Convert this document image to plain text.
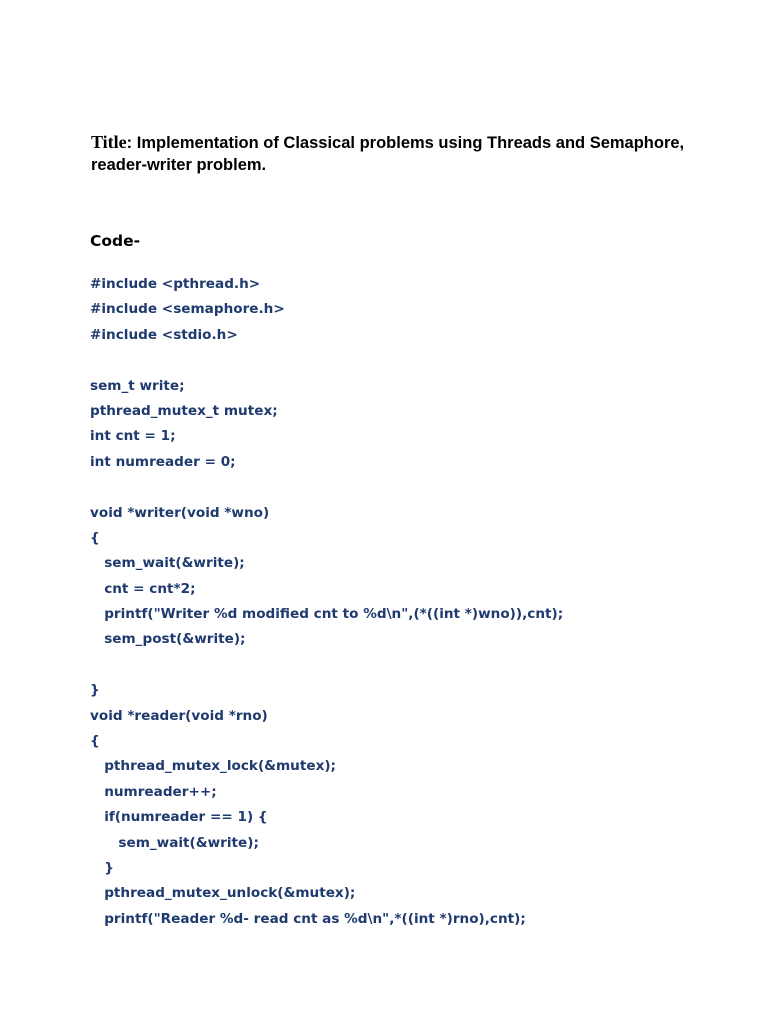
Title: Implementation of Classical problems using Threads and Semaphore, reader-writer problem.
Code-
#include <pthread.h>
#include <semaphore.h>
#include <stdio.h>
sem_t write;
pthread_mutex_t mutex;
int cnt = 1;
int numreader = 0;
void *writer(void *wno)
{
sem_wait(&write);
cnt = cnt*2;
printf("Writer %d modified cnt to %d\n",(*((int *)wno)),cnt);
sem_post(&write);
}
void *reader(void *rno)
{
pthread_mutex_lock(&mutex);
numreader++;
if(numreader == 1) {
sem_wait(&write);
}
pthread_mutex_unlock(&mutex);
printf("Reader %d- read cnt as %d\n",*((int *)rno),cnt);
